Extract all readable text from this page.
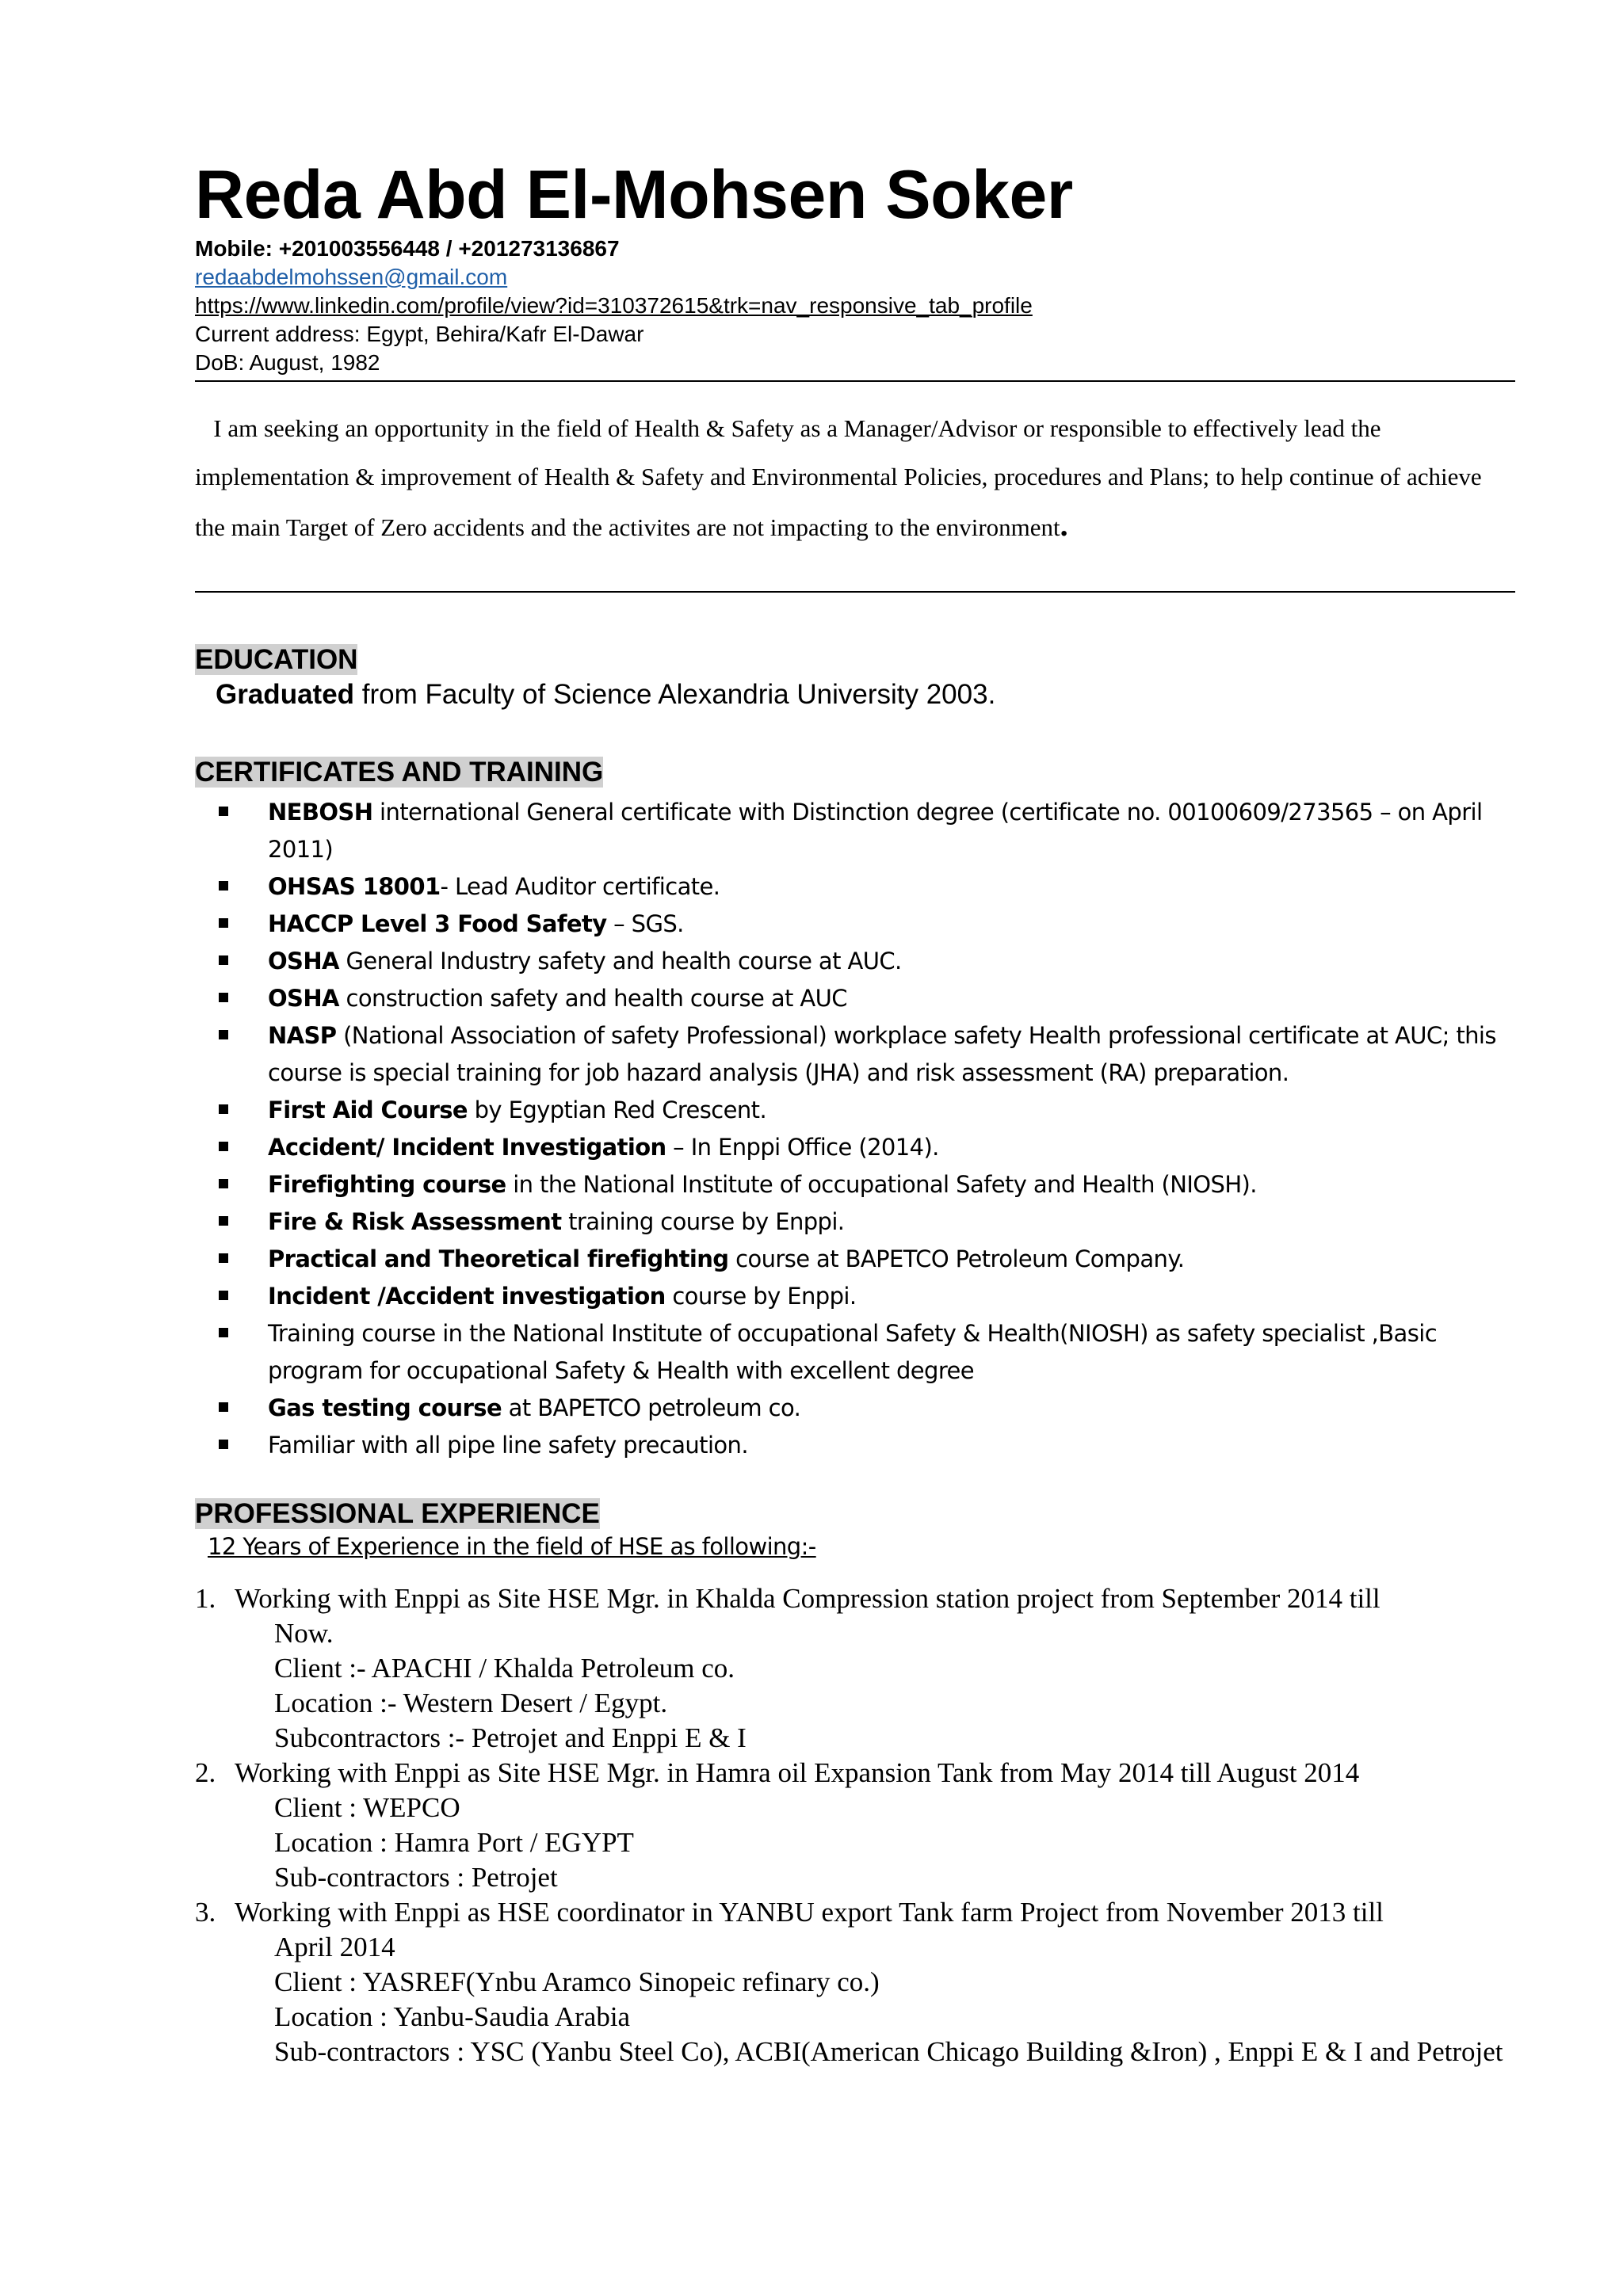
Reda Abd El-Mohsen Soker
Mobile: +201003556448 / +201273136867
redaabdelmohssen@gmail.com
https://www.linkedin.com/profile/view?id=310372615&trk=nav_responsive_tab_profile
Current address: Egypt, Behira/Kafr El-Dawar
DoB: August, 1982
I am seeking an opportunity in the field of Health & Safety as a Manager/Advisor or responsible to effectively lead the implementation & improvement of Health & Safety and Environmental Policies, procedures and Plans; to help continue of achieve the main Target of Zero accidents and the activites are not impacting to the environment.
EDUCATION
Graduated from Faculty of Science Alexandria University 2003.
CERTIFICATES AND TRAINING
NEBOSH international General certificate with Distinction degree (certificate no. 00100609/273565 – on April 2011)
OHSAS 18001- Lead Auditor certificate.
HACCP Level 3 Food Safety – SGS.
OSHA General Industry safety and health course at AUC.
OSHA construction safety and health course at AUC
NASP (National Association of safety Professional) workplace safety Health professional certificate at AUC; this course is special training for job hazard analysis (JHA) and risk assessment (RA) preparation.
First Aid Course by Egyptian Red Crescent.
Accident/ Incident Investigation – In Enppi Office (2014).
Firefighting course in the National Institute of occupational Safety and Health (NIOSH).
Fire & Risk Assessment training course by Enppi.
Practical and Theoretical firefighting course at BAPETCO Petroleum Company.
Incident /Accident investigation course by Enppi.
Training course in the National Institute of occupational Safety & Health(NIOSH) as safety specialist ,Basic program for occupational Safety & Health with excellent degree
Gas testing course at BAPETCO petroleum co.
Familiar with all pipe line safety precaution.
PROFESSIONAL EXPERIENCE
12 Years of Experience in the field of HSE as following:-
1. Working with Enppi as Site HSE Mgr. in Khalda Compression station project from September 2014 till
Now.
Client :- APACHI / Khalda Petroleum co.
Location :- Western Desert / Egypt.
Subcontractors :- Petrojet and Enppi E & I
2. Working with Enppi as Site HSE Mgr. in Hamra oil Expansion Tank from May 2014 till August 2014
Client : WEPCO
Location : Hamra Port / EGYPT
Sub-contractors : Petrojet
3. Working with Enppi as HSE coordinator in YANBU export Tank farm Project from November 2013 till
April 2014
Client : YASREF(Ynbu Aramco Sinopeic refinary co.)
Location : Yanbu-Saudia Arabia
Sub-contractors : YSC (Yanbu Steel Co), ACBI(American Chicago Building &Iron) , Enppi E & I and Petrojet
